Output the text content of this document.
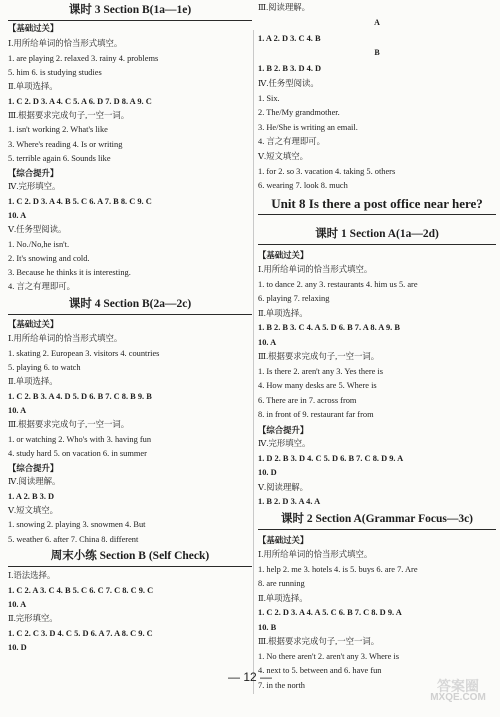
课时 3 Section B(1a—1e)
【基础过关】
Ⅰ.用所给单词的恰当形式填空。
1. are playing 2. relaxed 3. rainy 4. problems
5. him 6. is studying studies
Ⅱ.单项选择。
1. C 2. D 3. A 4. C 5. A 6. D 7. D 8. A 9. C
Ⅲ.根据要求完成句子,一空一词。
1. isn't working 2. What's like
3. Where's reading 4. Is or writing
5. terrible again 6. Sounds like
【综合提升】
Ⅳ.完形填空。
1. C 2. D 3. A 4. B 5. C 6. A 7. B 8. C 9. C
10. A
Ⅴ.任务型阅读。
1. No./No,he isn't.
2. It's snowing and cold.
3. Because he thinks it is interesting.
4. 言之有理即可。
课时 4 Section B(2a—2c)
【基础过关】
Ⅰ.用所给单词的恰当形式填空。
1. skating 2. European 3. visitors 4. countries
5. playing 6. to watch
Ⅱ.单项选择。
1. C 2. B 3. A 4. D 5. D 6. B 7. C 8. B 9. B
10. A
Ⅲ.根据要求完成句子,一空一词。
1. or watching 2. Who's with 3. having fun
4. study hard 5. on vacation 6. in summer
【综合提升】
Ⅳ.阅读理解。
1. A 2. B 3. D
Ⅴ.短文填空。
1. snowing 2. playing 3. snowmen 4. But
5. weather 6. after 7. China 8. different
周末小练 Section B (Self Check)
Ⅰ.语法选择。
1. C 2. A 3. C 4. B 5. C 6. C 7. C 8. C 9. C
10. A
Ⅱ.完形填空。
1. C 2. C 3. D 4. C 5. D 6. A 7. A 8. C 9. C
10. D
Ⅲ.阅读理解。
A
1. A 2. D 3. C 4. B
B
1. B 2. B 3. D 4. D
Ⅳ.任务型阅读。
1. Six.
2. The/My grandmother.
3. He/She is writing an email.
4. 言之有理即可。
Ⅴ.短文填空。
1. for 2. so 3. vacation 4. taking 5. others
6. wearing 7. look 8. much
Unit 8 Is there a post office near here?
课时 1 Section A(1a—2d)
【基础过关】
Ⅰ.用所给单词的恰当形式填空。
1. to dance 2. any 3. restaurants 4. him us 5. are
6. playing 7. relaxing
Ⅱ.单项选择。
1. B 2. B 3. C 4. A 5. D 6. B 7. A 8. A 9. B
10. A
Ⅲ.根据要求完成句子,一空一词。
1. Is there 2. aren't any 3. Yes there is
4. How many desks are 5. Where is
6. There are in 7. across from
8. in front of 9. restaurant far from
【综合提升】
Ⅳ.完形填空。
1. D 2. B 3. D 4. C 5. D 6. B 7. C 8. D 9. A
10. D
Ⅴ.阅读理解。
1. B 2. D 3. A 4. A
课时 2 Section A(Grammar Focus—3c)
【基础过关】
Ⅰ.用所给单词的恰当形式填空。
1. help 2. me 3. hotels 4. is 5. buys 6. are 7. Are
8. are running
Ⅱ.单项选择。
1. C 2. D 3. A 4. A 5. C 6. B 7. C 8. D 9. A
10. B
Ⅲ.根据要求完成句子,一空一词。
1. No there aren't 2. aren't any 3. Where is
4. next to 5. between and 6. have fun
7. in the north
— 12 —
答案圈
MXQE.COM
